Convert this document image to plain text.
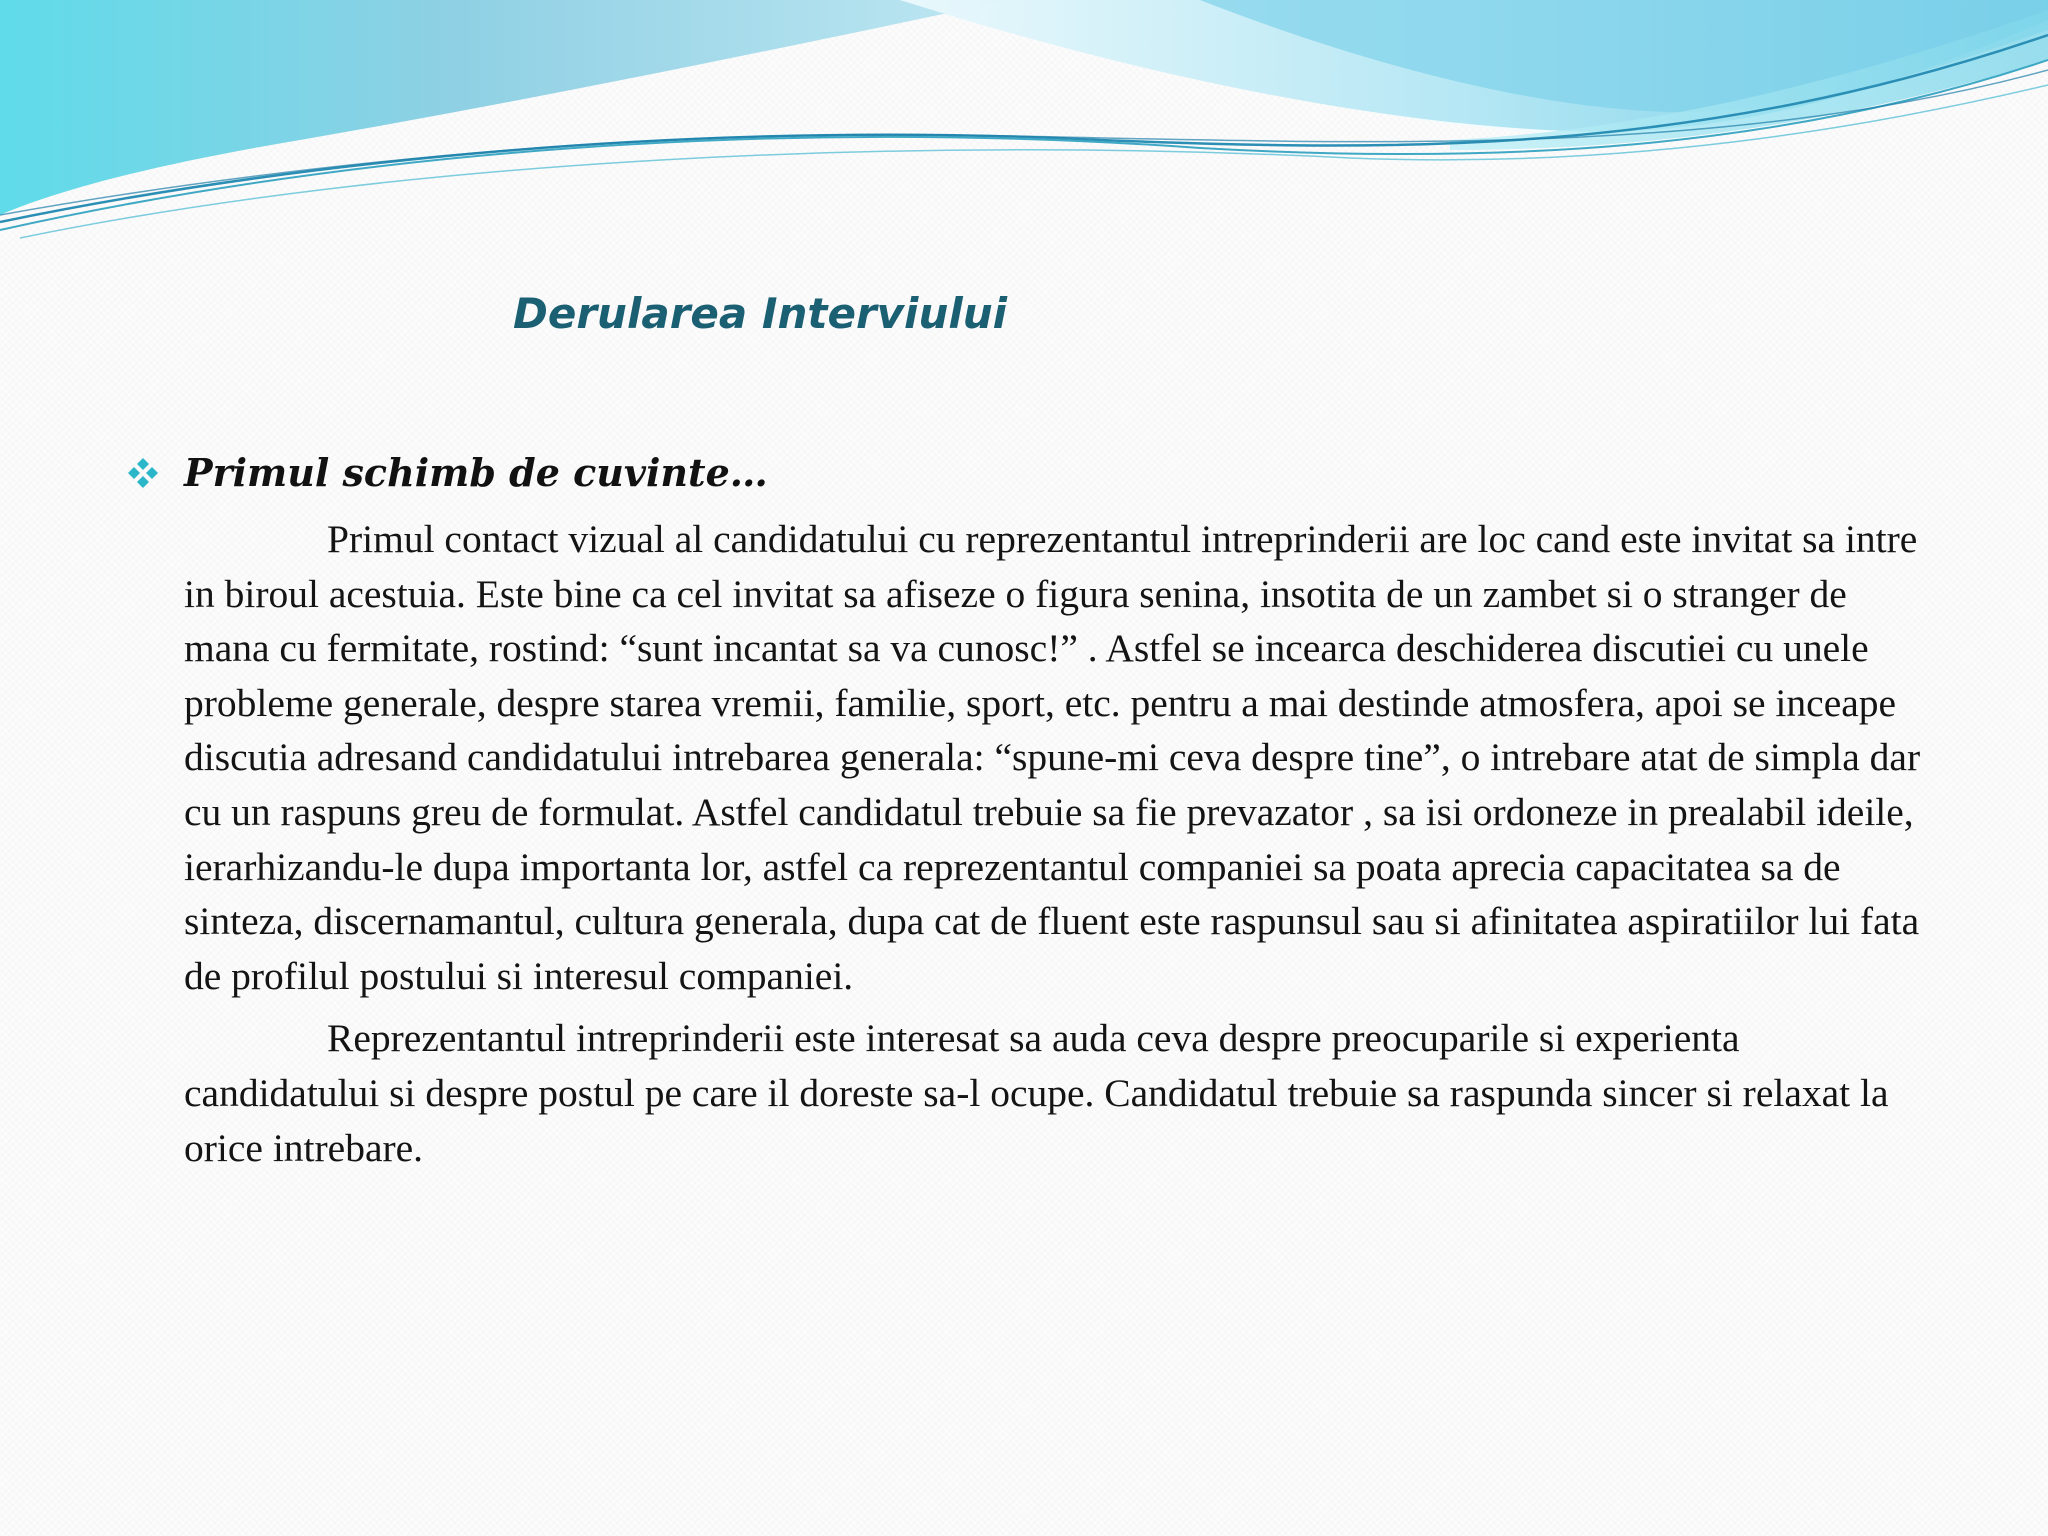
Derularea Interviului
Primul schimb de cuvinte…

Primul contact vizual al candidatului cu reprezentantul intreprinderii are loc cand este invitat sa intre in biroul acestuia. Este bine ca cel invitat sa afiseze o figura senina, insotita de un zambet si o stranger de mana cu fermitate, rostind: “sunt incantat sa va cunosc!” . Astfel se incearca deschiderea discutiei cu unele probleme generale, despre starea vremii, familie, sport, etc. pentru a mai destinde atmosfera, apoi se inceape discutia adresand candidatului intrebarea generala: “spune-mi ceva despre tine”, o intrebare atat de simpla dar cu un raspuns greu de formulat. Astfel candidatul trebuie sa fie prevazator , sa isi ordoneze in prealabil ideile, ierarhizandu-le dupa importanta lor, astfel ca reprezentantul companiei sa poata aprecia capacitatea sa de sinteza, discernamantul, cultura generala, dupa cat de fluent este raspunsul sau si afinitatea aspiratiilor lui fata de profilul postului si interesul companiei.

Reprezentantul intreprinderii este interesat sa auda ceva despre preocuparile si experienta candidatului si despre postul pe care il doreste sa-l ocupe. Candidatul trebuie sa raspunda sincer si relaxat la orice intrebare.
